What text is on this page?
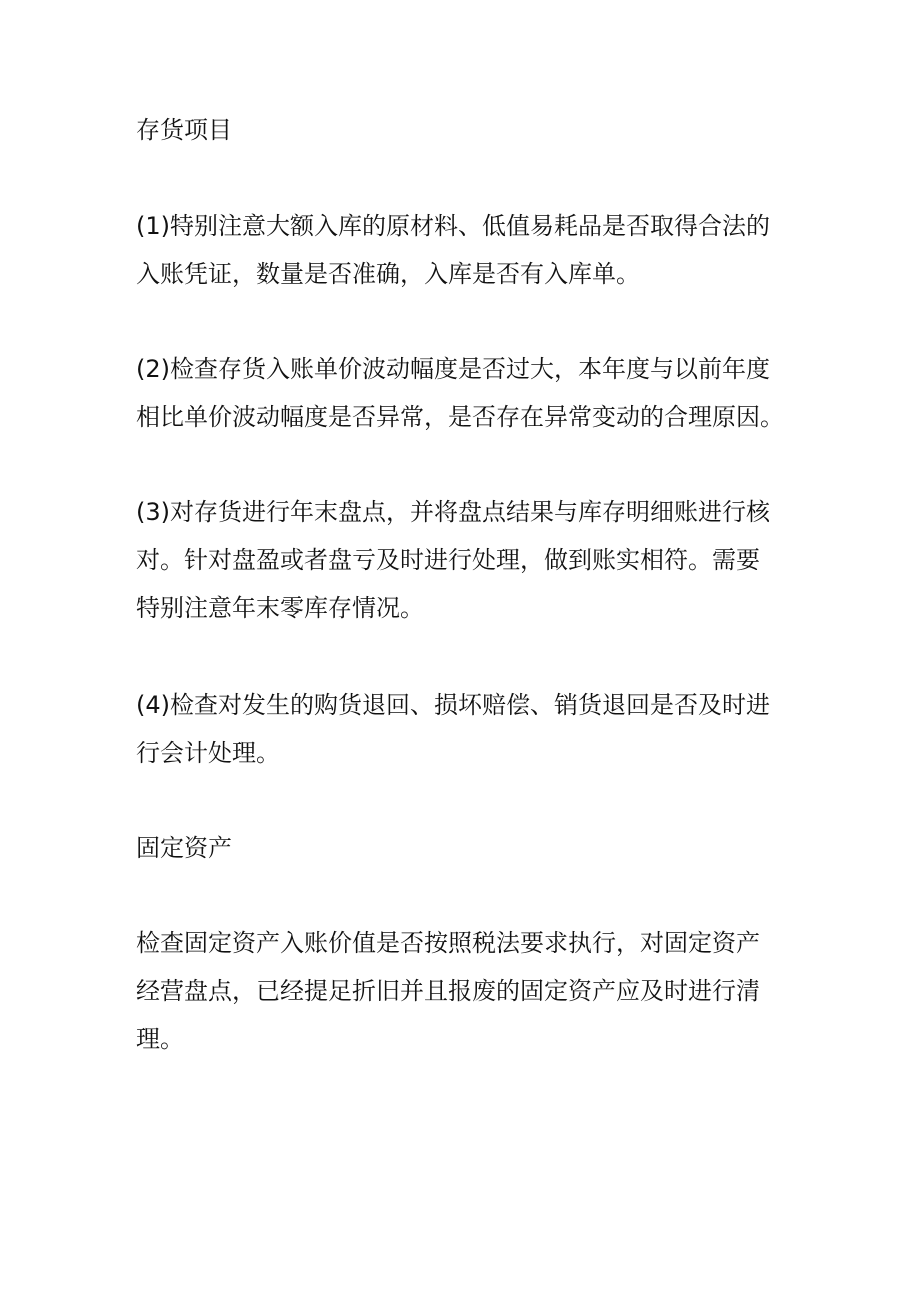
存货项目

(1)特别注意大额入库的原材料、低值易耗品是否取得合法的
入账凭证，数量是否准确，入库是否有入库单。

(2)检查存货入账单价波动幅度是否过大，本年度与以前年度
相比单价波动幅度是否异常，是否存在异常变动的合理原因。

(3)对存货进行年末盘点，并将盘点结果与库存明细账进行核
对。针对盘盈或者盘亏及时进行处理，做到账实相符。需要
特别注意年末零库存情况。

(4)检查对发生的购货退回、损坏赔偿、销货退回是否及时进
行会计处理。

固定资产

检查固定资产入账价值是否按照税法要求执行，对固定资产
经营盘点，已经提足折旧并且报废的固定资产应及时进行清
理。
